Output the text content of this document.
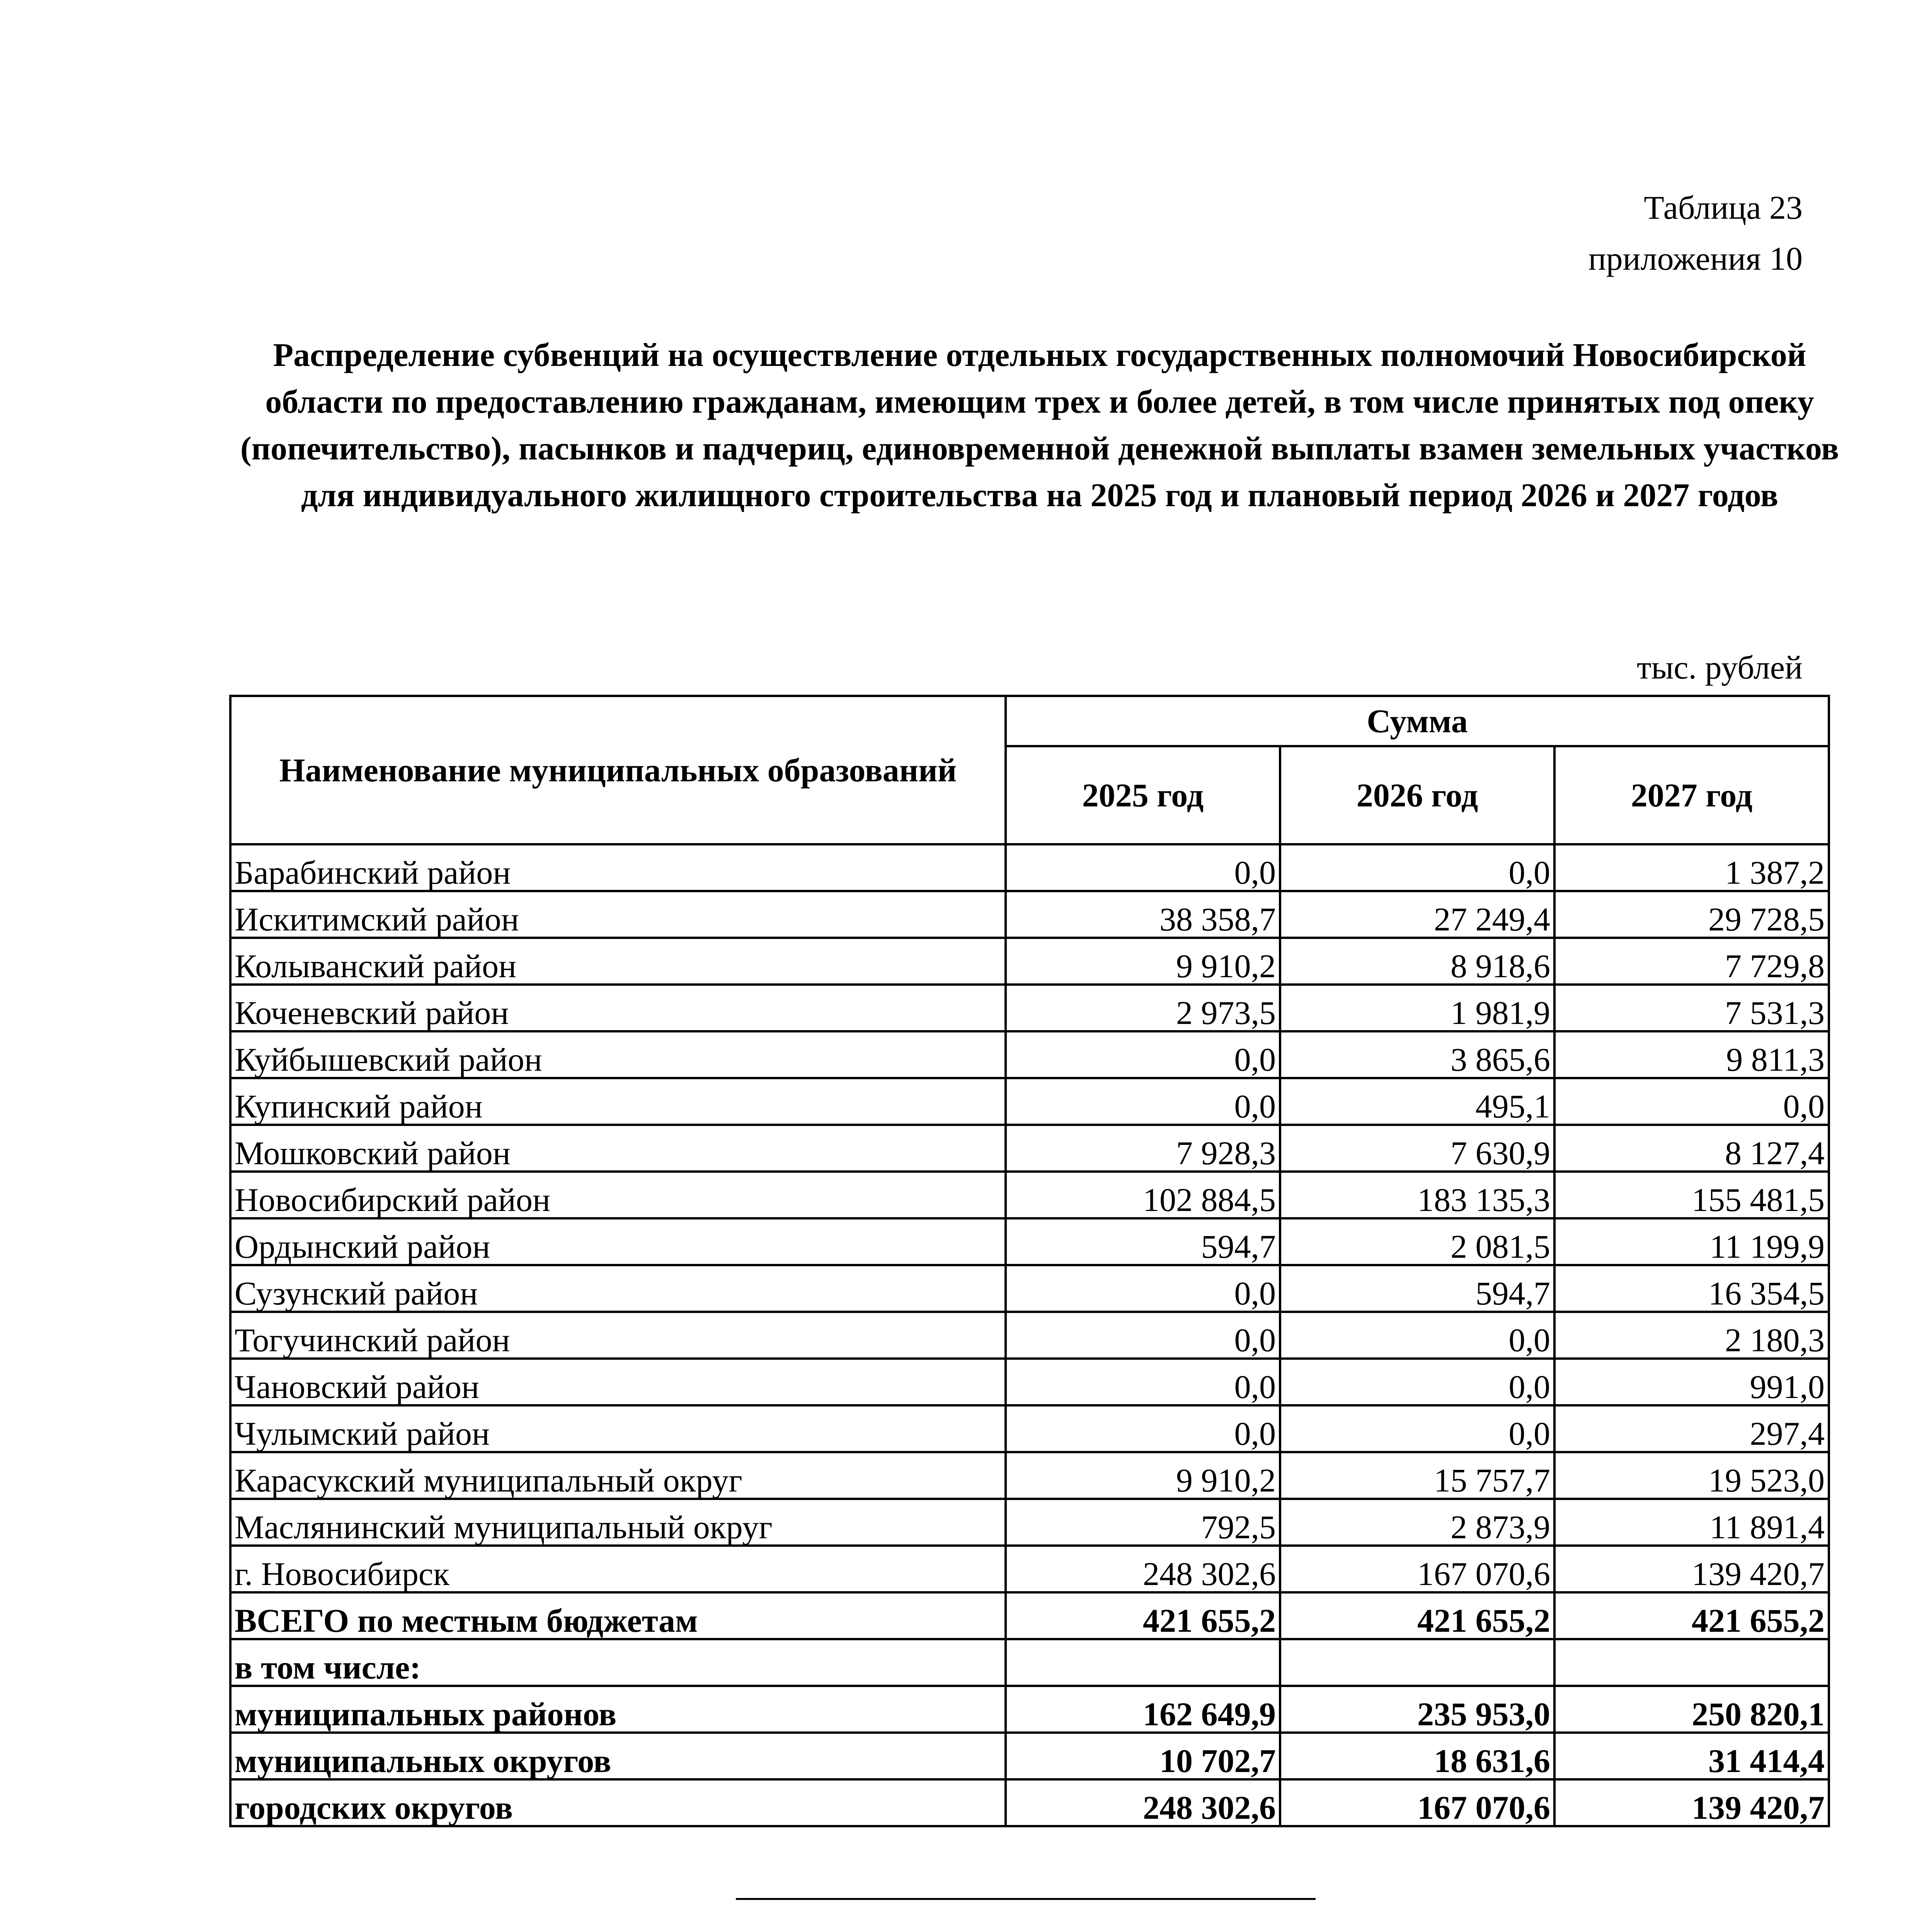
Таблица 23
приложения 10
Распределение субвенций на осуществление отдельных государственных полномочий Новосибирской области по предоставлению гражданам, имеющим трех и более детей, в том числе принятых под опеку (попечительство), пасынков и падчериц, единовременной денежной выплаты взамен земельных участков для индивидуального жилищного строительства на 2025 год и плановый период 2026 и 2027 годов
тыс. рублей
Наименование муниципальных образований	Сумма		
	2025 год	2026 год	2027 год
Барабинский район	0,0	0,0	1 387,2
Искитимский район	38 358,7	27 249,4	29 728,5
Колыванский район	9 910,2	8 918,6	7 729,8
Коченевский район	2 973,5	1 981,9	7 531,3
Куйбышевский район	0,0	3 865,6	9 811,3
Купинский район	0,0	495,1	0,0
Мошковский район	7 928,3	7 630,9	8 127,4
Новосибирский район	102 884,5	183 135,3	155 481,5
Ордынский район	594,7	2 081,5	11 199,9
Сузунский район	0,0	594,7	16 354,5
Тогучинский район	0,0	0,0	2 180,3
Чановский район	0,0	0,0	991,0
Чулымский район	0,0	0,0	297,4
Карасукский муниципальный округ	9 910,2	15 757,7	19 523,0
Маслянинский муниципальный округ	792,5	2 873,9	11 891,4
г. Новосибирск	248 302,6	167 070,6	139 420,7
ВСЕГО по местным бюджетам	421 655,2	421 655,2	421 655,2
в том числе:			
муниципальных районов	162 649,9	235 953,0	250 820,1
муниципальных округов	10 702,7	18 631,6	31 414,4
городских округов	248 302,6	167 070,6	139 420,7
